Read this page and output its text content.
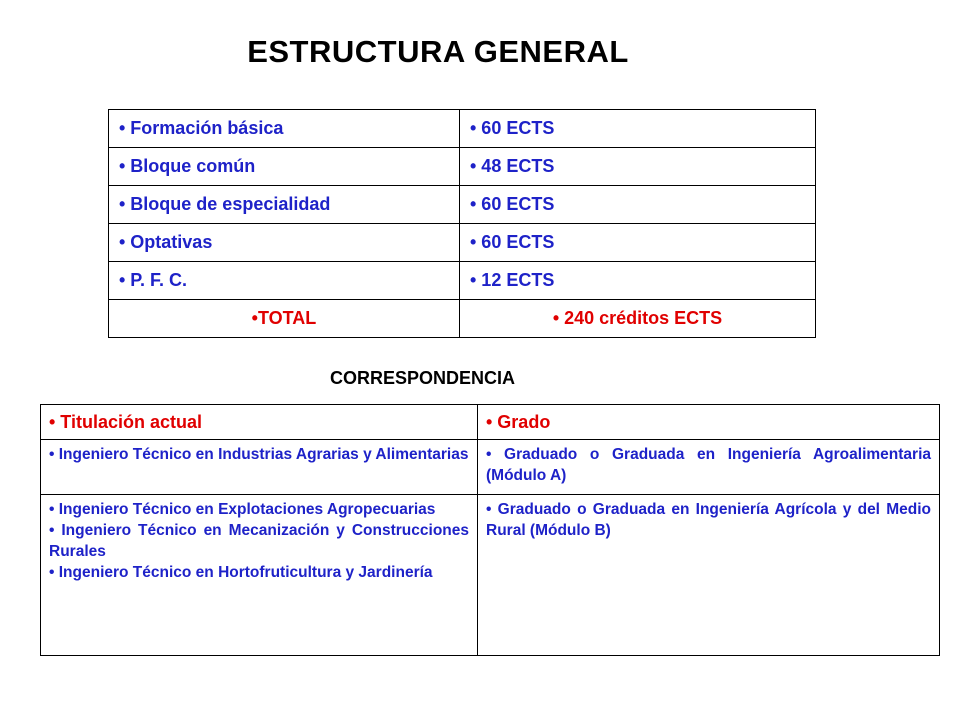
ESTRUCTURA GENERAL
• Formación básica	• 60 ECTS
• Bloque común	• 48 ECTS
• Bloque de especialidad	• 60 ECTS
• Optativas	• 60 ECTS
• P. F. C.	• 12 ECTS
•TOTAL	• 240 créditos ECTS
CORRESPONDENCIA
• Titulación actual	• Grado
• Ingeniero Técnico en Industrias Agrarias y Alimentarias	• Graduado o Graduada en Ingeniería Agroalimentaria (Módulo A)

• Ingeniero Técnico en Explotaciones Agropecuarias
• Ingeniero Técnico en Mecanización y Construcciones Rurales
• Ingeniero Técnico en Hortofruticultura y Jardinería	• Graduado o Graduada en Ingeniería Agrícola y del Medio Rural (Módulo B)
